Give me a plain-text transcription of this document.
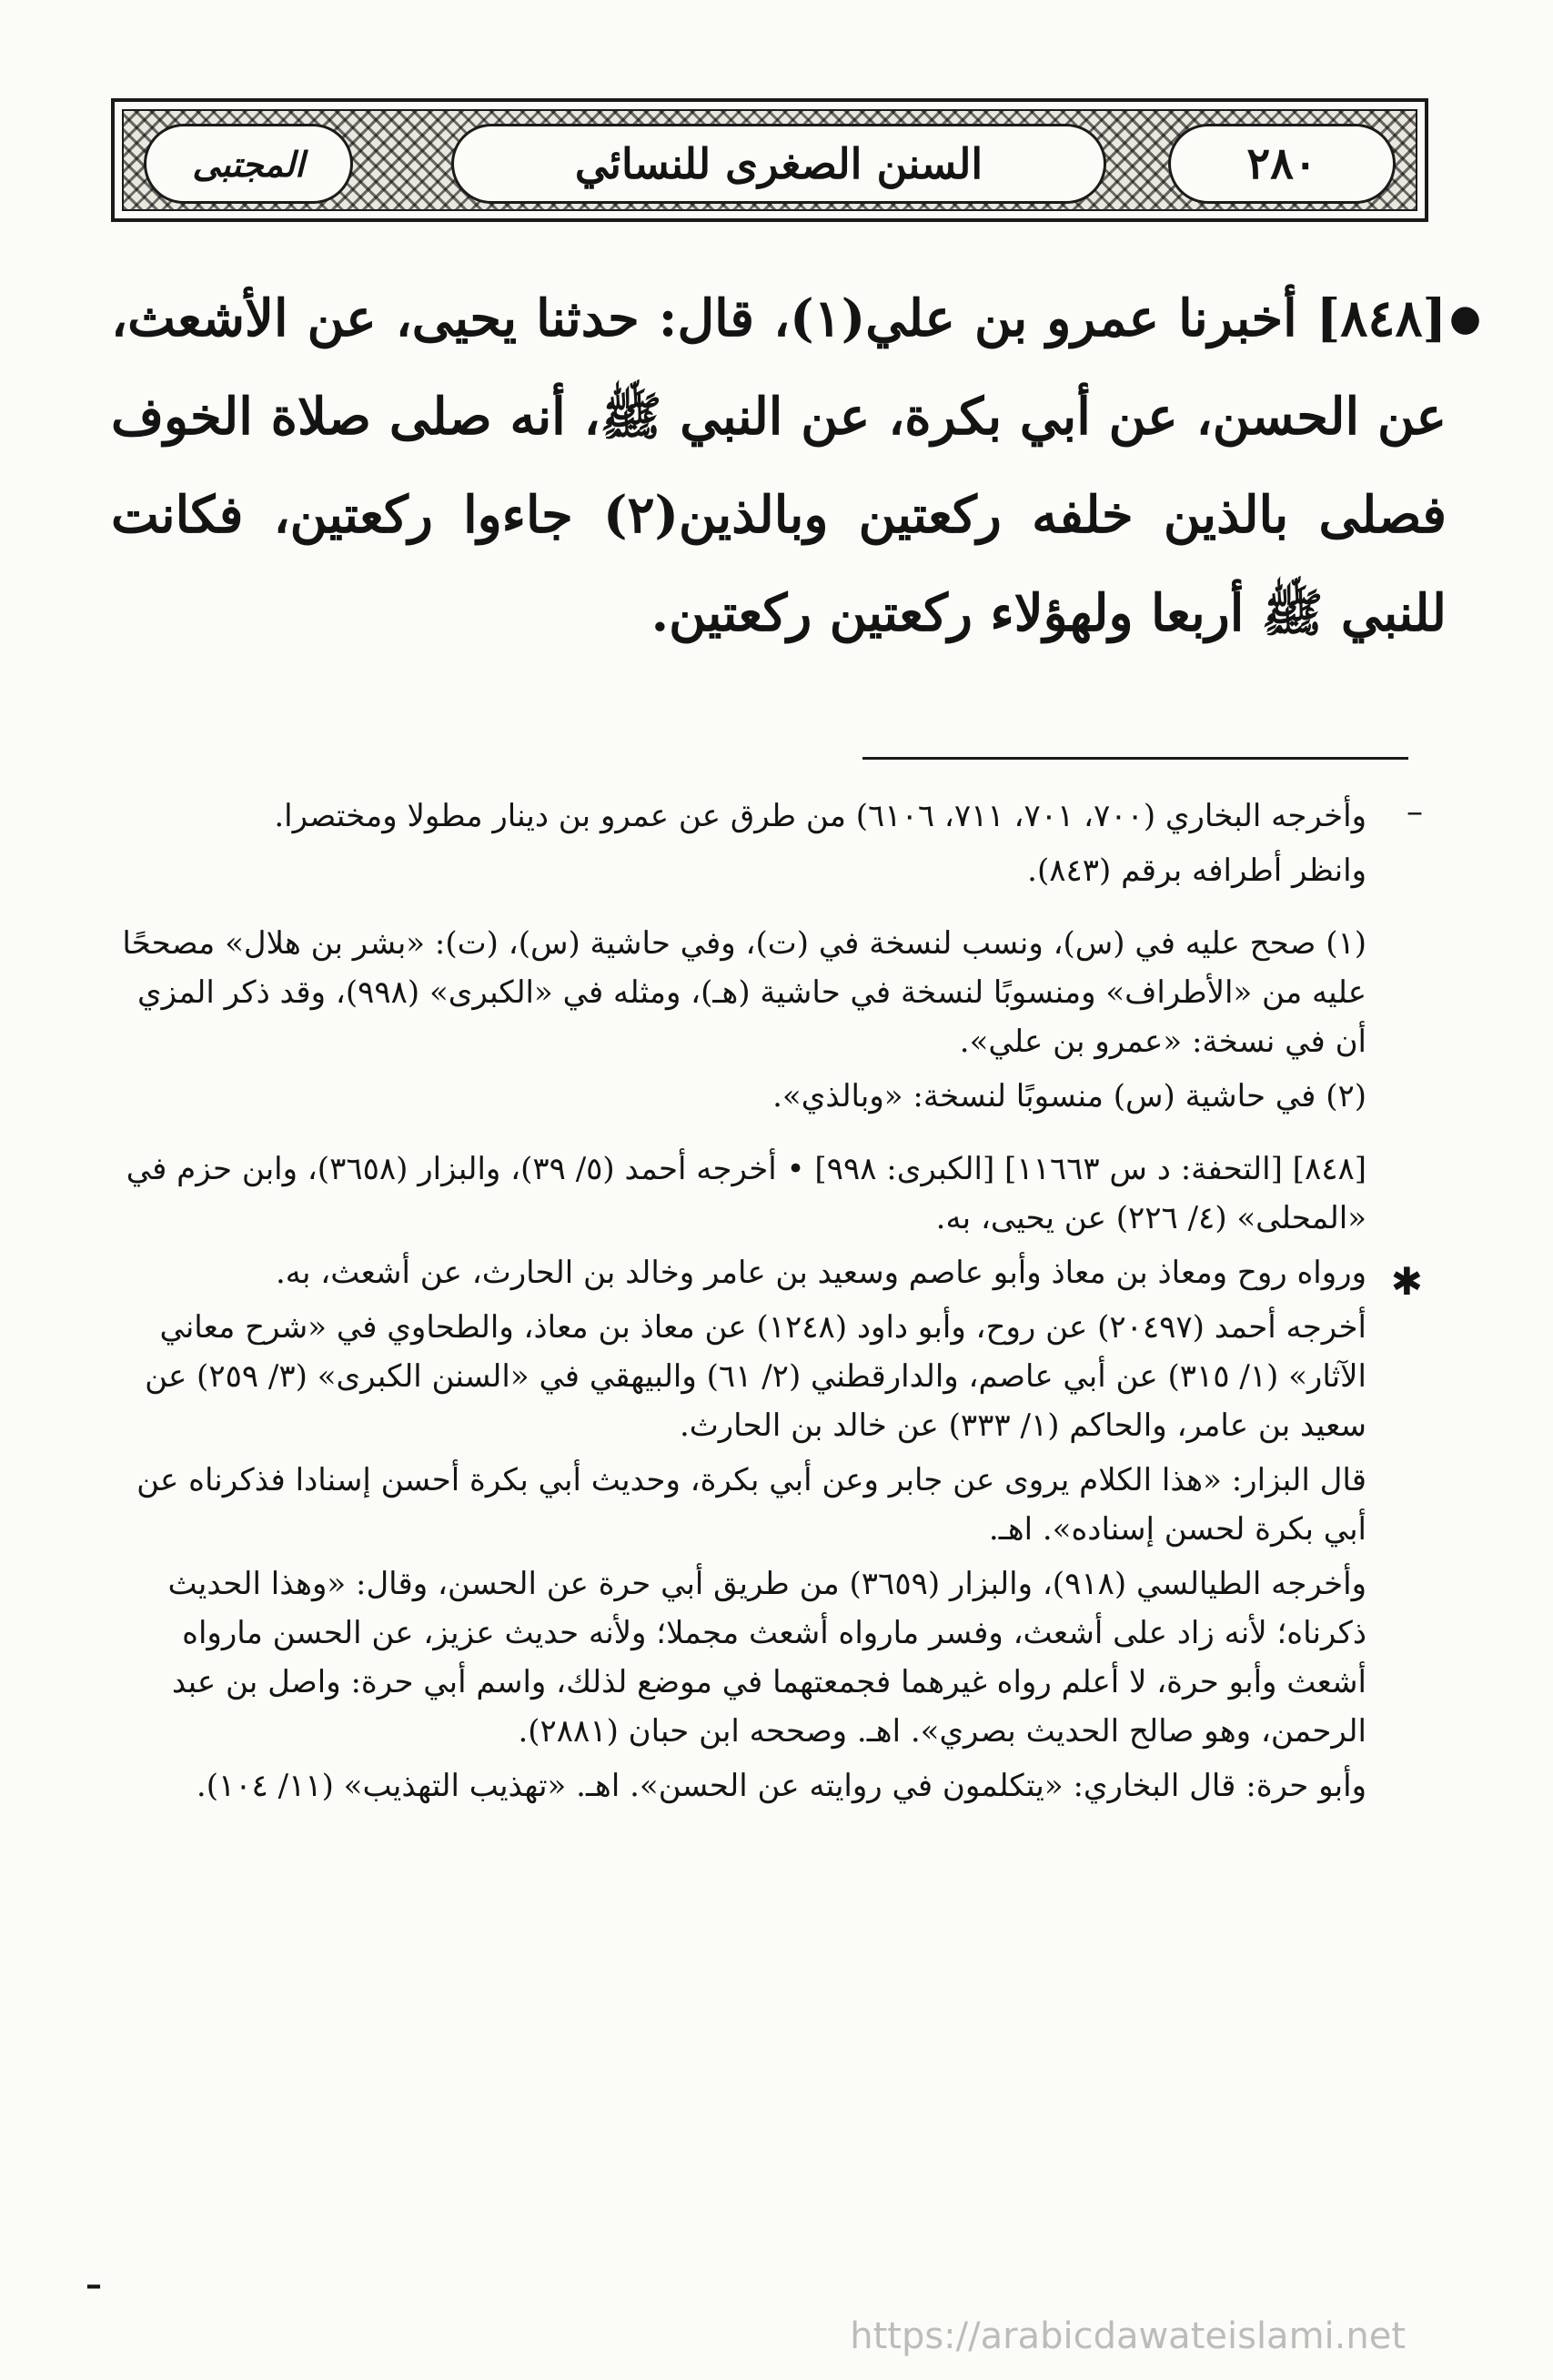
المجتبى	السنن الصغرى للنسائي	٢٨٠
●
[٨٤٨] أخبرنا عمرو بن علي(١)، قال: حدثنا يحيى، عن الأشعث، عن الحسن، عن أبي بكرة، عن النبي ﷺ، أنه صلى صلاة الخوف فصلى بالذين خلفه ركعتين وبالذين(٢) جاءوا ركعتين، فكانت للنبي ﷺ أربعا ولهؤلاء ركعتين ركعتين.
–

وأخرجه البخاري (٧٠٠، ٧٠١، ٧١١، ٦١٠٦) من طرق عن عمرو بن دينار مطولا ومختصرا.

وانظر أطرافه برقم (٨٤٣).

(١) صحح عليه في (س)، ونسب لنسخة في (ت)، وفي حاشية (س)، (ت): «بشر بن هلال» مصححًا عليه من «الأطراف» ومنسوبًا لنسخة في حاشية (هـ)، ومثله في «الكبرى» (٩٩٨)، وقد ذكر المزي أن في نسخة: «عمرو بن علي».

(٢) في حاشية (س) منسوبًا لنسخة: «وبالذي».

✱

[٨٤٨] [التحفة: د س ١١٦٦٣] [الكبرى: ٩٩٨] • أخرجه أحمد (٥/ ٣٩)، والبزار (٣٦٥٨)، وابن حزم في «المحلى» (٤/ ٢٢٦) عن يحيى، به.

ورواه روح ومعاذ بن معاذ وأبو عاصم وسعيد بن عامر وخالد بن الحارث، عن أشعث، به.

أخرجه أحمد (٢٠٤٩٧) عن روح، وأبو داود (١٢٤٨) عن معاذ بن معاذ، والطحاوي في «شرح معاني الآثار» (١/ ٣١٥) عن أبي عاصم، والدارقطني (٢/ ٦١) والبيهقي في «السنن الكبرى» (٣/ ٢٥٩) عن سعيد بن عامر، والحاكم (١/ ٣٣٣) عن خالد بن الحارث.

قال البزار: «هذا الكلام يروى عن جابر وعن أبي بكرة، وحديث أبي بكرة أحسن إسنادا فذكرناه عن أبي بكرة لحسن إسناده». اهـ.

وأخرجه الطيالسي (٩١٨)، والبزار (٣٦٥٩) من طريق أبي حرة عن الحسن، وقال: «وهذا الحديث ذكرناه؛ لأنه زاد على أشعث، وفسر مارواه أشعث مجملا؛ ولأنه حديث عزيز، عن الحسن مارواه أشعث وأبو حرة، لا أعلم رواه غيرهما فجمعتهما في موضع لذلك، واسم أبي حرة: واصل بن عبد الرحمن، وهو صالح الحديث بصري». اهـ. وصححه ابن حبان (٢٨٨١).

وأبو حرة: قال البخاري: «يتكلمون في روايته عن الحسن». اهـ. «تهذيب التهذيب» (١١/ ١٠٤).

–
https://arabicdawateislami.net
